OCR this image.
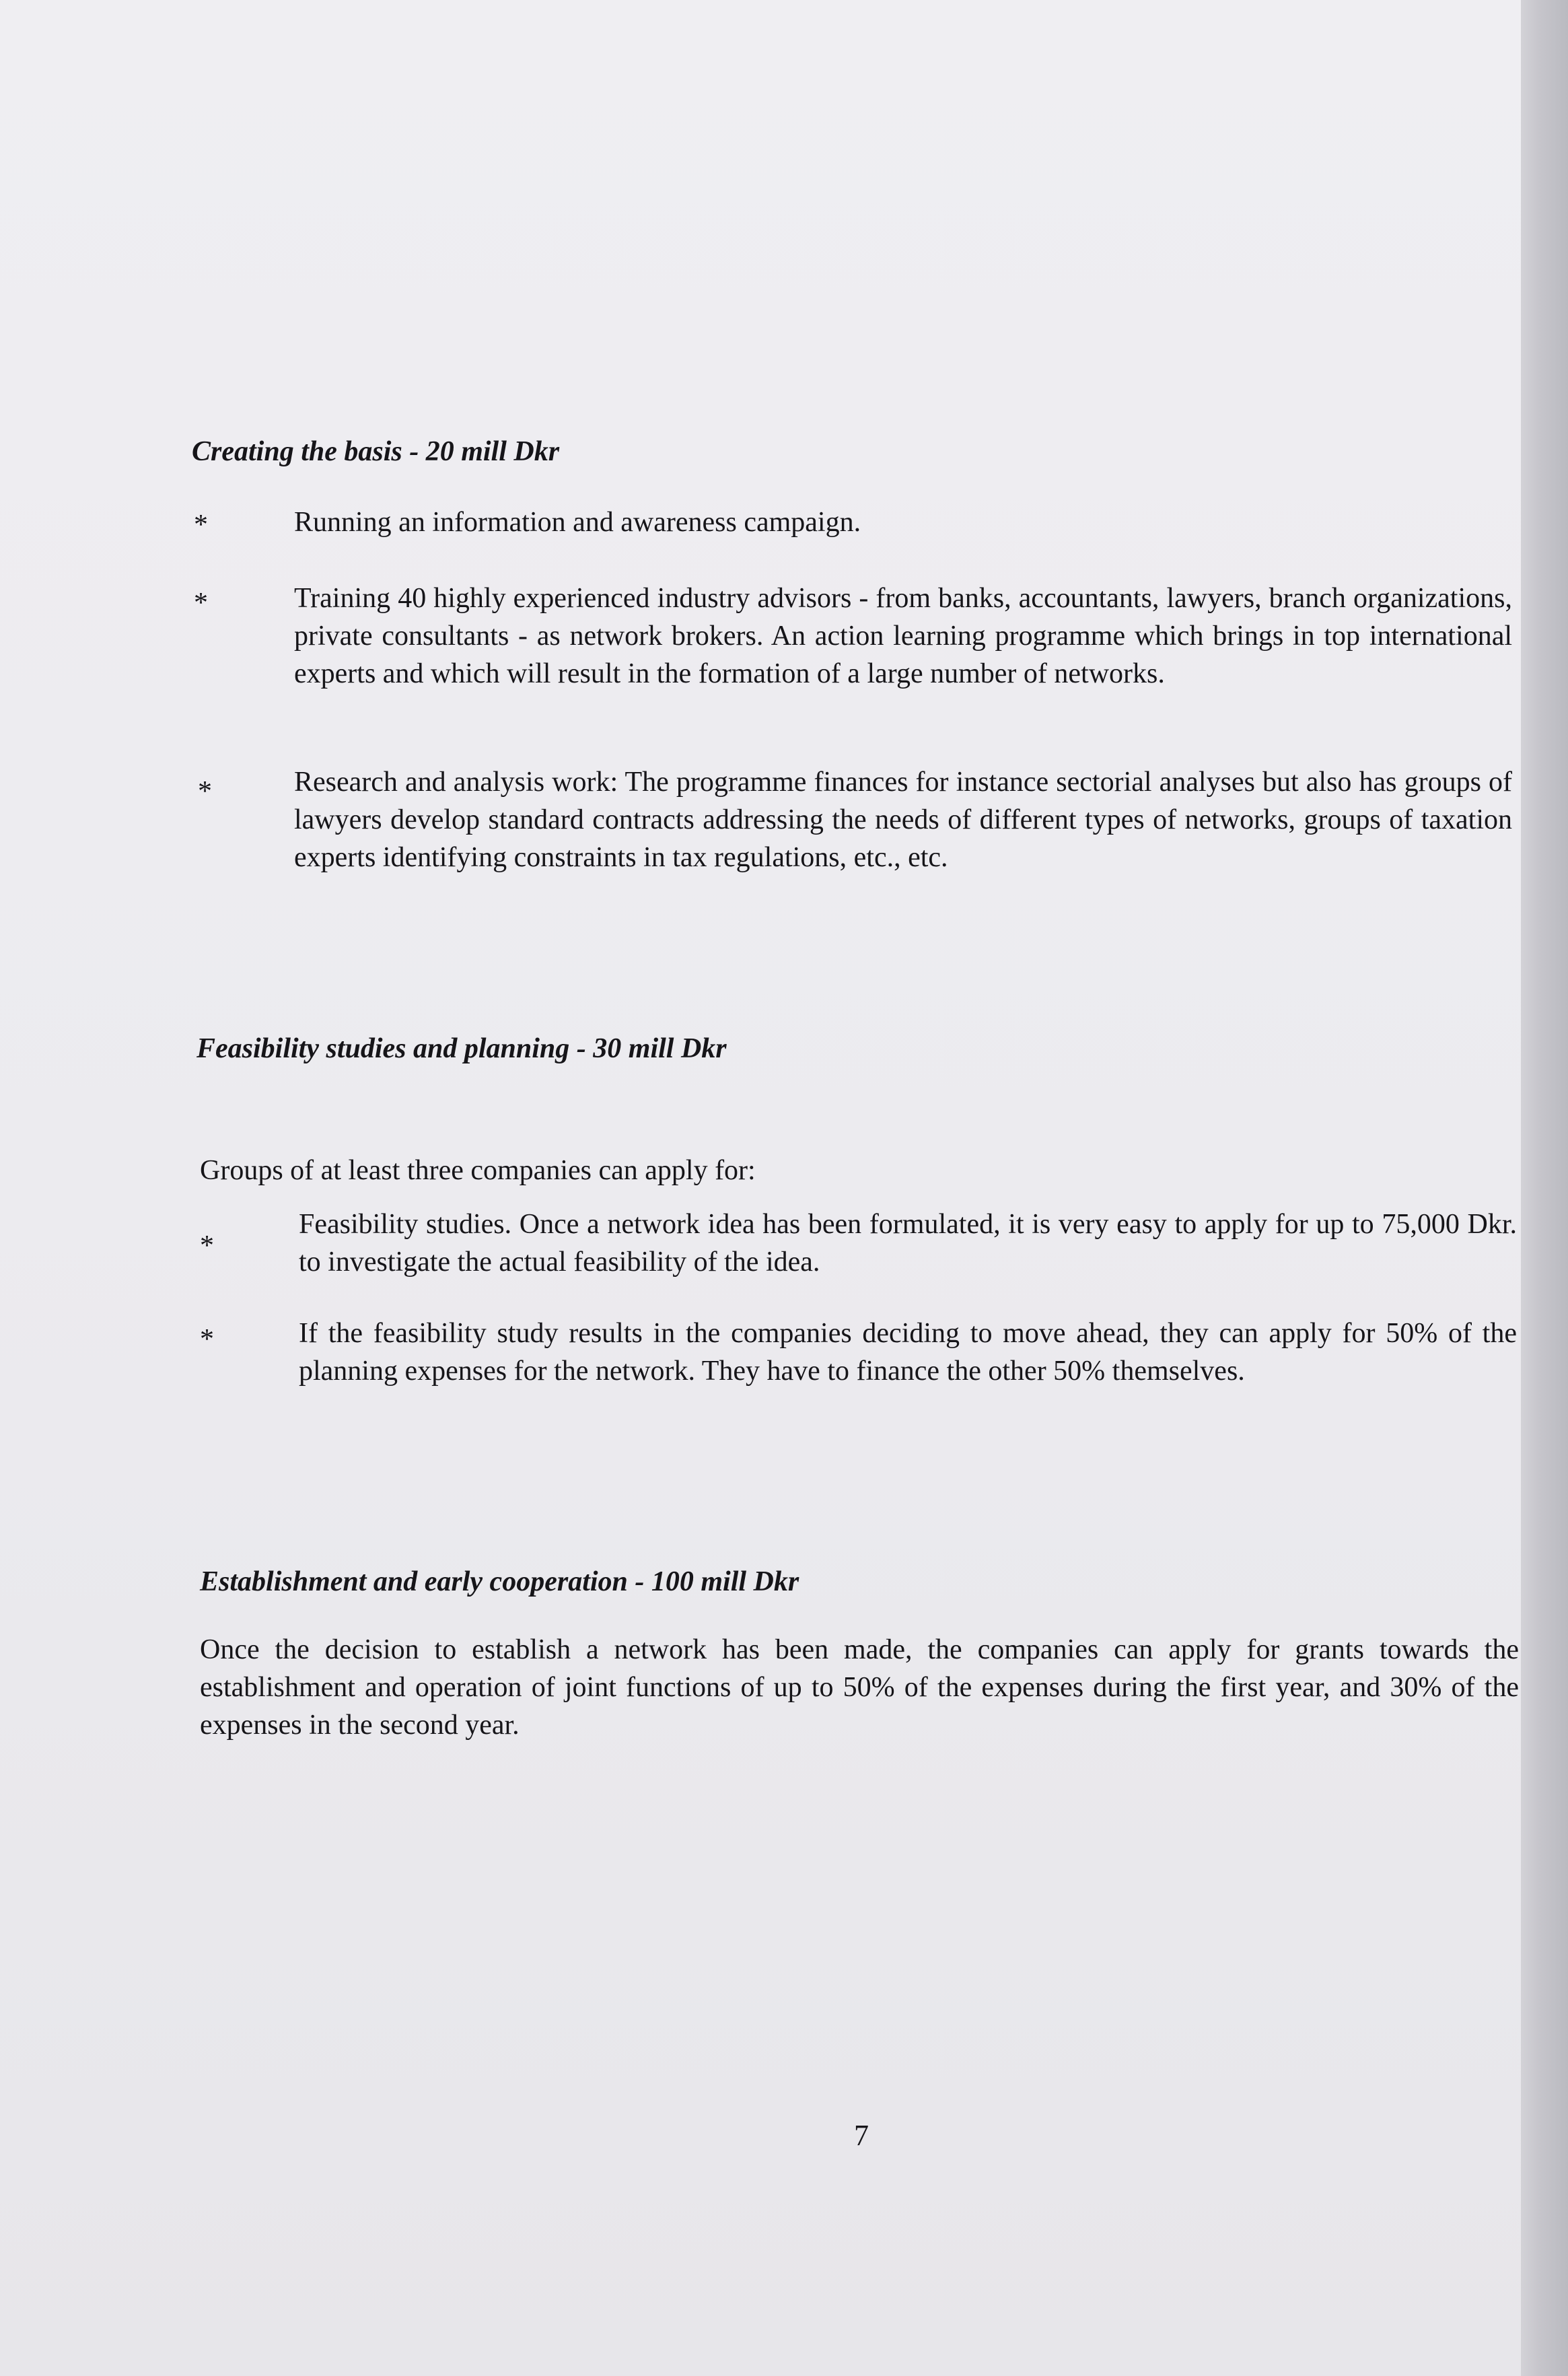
Creating the basis - 20 mill Dkr
*	Running an information and awareness campaign.

*	Training 40 highly experienced industry advisors - from banks, accountants, lawyers, branch organizations, private consultants - as network brokers. An action learning programme which brings in top international experts and which will result in the formation of a large number of networks.

*	Research and analysis work: The programme finances for instance sectorial analyses but also has groups of lawyers develop standard contracts addressing the needs of different types of networks, groups of taxation experts identifying constraints in tax regulations, etc., etc.

Feasibility studies and planning - 30 mill Dkr

Groups of at least three companies can apply for:

*

Feasibility studies. Once a network idea has been formulated, it is very easy to apply for up to 75,000 Dkr. to investigate the actual feasibility of the idea.

*	If the feasibility study results in the companies deciding to move ahead, they can apply for 50% of the planning expenses for the network. They have to finance the other 50% themselves.

Establishment and early cooperation - 100 mill Dkr

Once the decision to establish a network has been made, the companies can apply for grants towards the establishment and operation of joint functions of up to 50% of the expenses during the first year, and 30% of the expenses in the second year.

7
